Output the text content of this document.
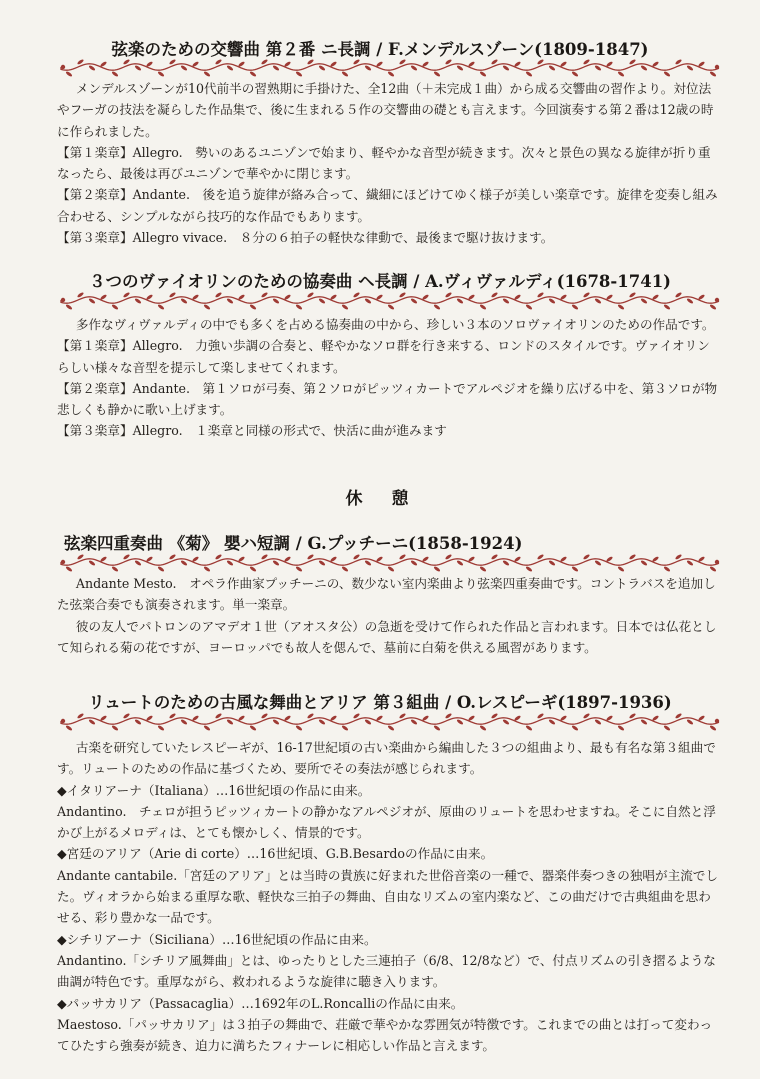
弦楽のための交響曲 第２番 ニ長調 / F.メンデルスゾーン(1809-1847)

メンデルスゾーンが10代前半の習熟期に手掛けた、全12曲（＋未完成１曲）から成る交響曲の習作より。対位法やフーガの技法を凝らした作品集で、後に生まれる５作の交響曲の礎とも言えます。今回演奏する第２番は12歳の時に作られました。

【第１楽章】Allegro.　勢いのあるユニゾンで始まり、軽やかな音型が続きます。次々と景色の異なる旋律が折り重なったら、最後は再びユニゾンで華やかに閉じます。

【第２楽章】Andante.　後を追う旋律が絡み合って、繊細にほどけてゆく様子が美しい楽章です。旋律を変奏し組み合わせる、シンプルながら技巧的な作品でもあります。

【第３楽章】Allegro vivace.　８分の６拍子の軽快な律動で、最後まで駆け抜けます。

３つのヴァイオリンのための協奏曲 ヘ長調 / A.ヴィヴァルディ(1678-1741)

多作なヴィヴァルディの中でも多くを占める協奏曲の中から、珍しい３本のソロヴァイオリンのための作品です。

【第１楽章】Allegro.　力強い歩調の合奏と、軽やかなソロ群を行き来する、ロンドのスタイルです。ヴァイオリンらしい様々な音型を提示して楽しませてくれます。

【第２楽章】Andante.　第１ソロが弓奏、第２ソロがピッツィカートでアルペジオを繰り広げる中を、第３ソロが物悲しくも静かに歌い上げます。

【第３楽章】Allegro.　１楽章と同様の形式で、快活に曲が進みます

休　憩
弦楽四重奏曲 《菊》 嬰ハ短調 / G.プッチーニ(1858-1924)

Andante Mesto.　オペラ作曲家プッチーニの、数少ない室内楽曲より弦楽四重奏曲です。コントラバスを追加した弦楽合奏でも演奏されます。単一楽章。

彼の友人でパトロンのアマデオ１世（アオスタ公）の急逝を受けて作られた作品と言われます。日本では仏花として知られる菊の花ですが、ヨーロッパでも故人を偲んで、墓前に白菊を供える風習があります。

リュートのための古風な舞曲とアリア 第３組曲 / O.レスピーギ(1897-1936)

古楽を研究していたレスピーギが、16-17世紀頃の古い楽曲から編曲した３つの組曲より、最も有名な第３組曲です。リュートのための作品に基づくため、要所でその奏法が感じられます。

◆イタリアーナ（Italiana）…16世紀頃の作品に由来。

Andantino.　チェロが担うピッツィカートの静かなアルペジオが、原曲のリュートを思わせますね。そこに自然と浮かび上がるメロディは、とても懐かしく、情景的です。

◆宮廷のアリア（Arie di corte）…16世紀頃、G.B.Besardoの作品に由来。

Andante cantabile.「宮廷のアリア」とは当時の貴族に好まれた世俗音楽の一種で、器楽伴奏つきの独唱が主流でした。ヴィオラから始まる重厚な歌、軽快な三拍子の舞曲、自由なリズムの室内楽など、この曲だけで古典組曲を思わせる、彩り豊かな一品です。

◆シチリアーナ（Siciliana）…16世紀頃の作品に由来。

Andantino.「シチリア風舞曲」とは、ゆったりとした三連拍子（6/8、12/8など）で、付点リズムの引き摺るような曲調が特色です。重厚ながら、救われるような旋律に聴き入ります。

◆パッサカリア（Passacaglia）…1692年のL.Roncalliの作品に由来。

Maestoso.「パッサカリア」は３拍子の舞曲で、荘厳で華やかな雰囲気が特徴です。これまでの曲とは打って変わってひたすら強奏が続き、迫力に満ちたフィナーレに相応しい作品と言えます。
